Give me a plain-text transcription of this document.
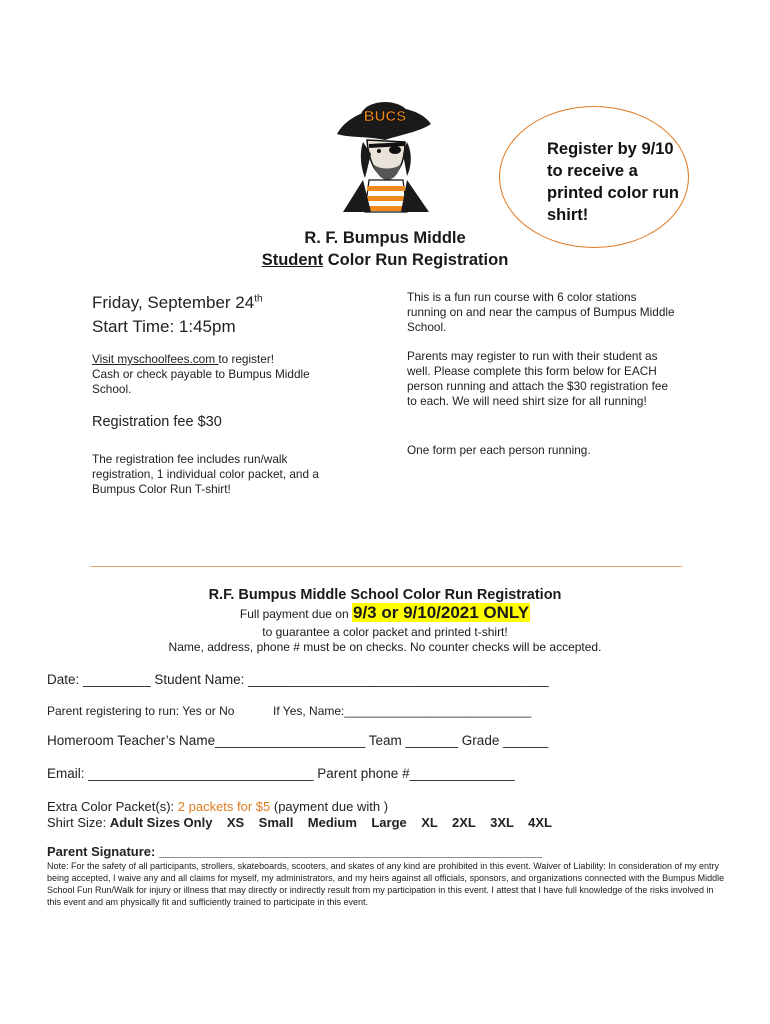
BUCS
Register by 9/10 to receive a printed color run shirt!
R. F. Bumpus Middle
Student Color Run Registration
Friday, September 24th
Start Time: 1:45pm
Visit myschoolfees.com to register!
Cash or check payable to Bumpus Middle School.
Registration fee $30
The registration fee includes run/walk registration, 1 individual color packet, and a Bumpus Color Run T-shirt!
This is a fun run course with 6 color stations running on and near the campus of Bumpus Middle School.
Parents may register to run with their student as well. Please complete this form below for EACH person running and attach the $30 registration fee to each. We will need shirt size for all running!
One form per each person running.
R.F. Bumpus Middle School Color Run Registration
Full payment due on 9/3 or 9/10/2021 ONLY
to guarantee a color packet and printed t-shirt!
Name, address, phone # must be on checks. No counter checks will be accepted.
Date: _________ Student Name: ________________________________________
Parent registering to run: Yes or No	If Yes, Name:____________________________
Homeroom Teacher’s Name____________________ Team _______ Grade ______
Email: ______________________________ Parent phone #______________
Extra Color Packet(s): 2 packets for $5 (payment due with )
Shirt Size: Adult Sizes Only    XS    Small    Medium    Large    XL    2XL    3XL    4XL
Parent Signature: _____________________________________________________
Note: For the safety of all participants, strollers, skateboards, scooters, and skates of any kind are prohibited in this event. Waiver of Liability: In consideration of my entry being accepted, I waive any and all claims for myself, my administrators, and my heirs against all officials, sponsors, and organizations connected with the Bumpus Middle School Fun Run/Walk for injury or illness that may directly or indirectly result from my participation in this event. I attest that I have full knowledge of the risks involved in this event and am physically fit and sufficiently trained to participate in this event.
